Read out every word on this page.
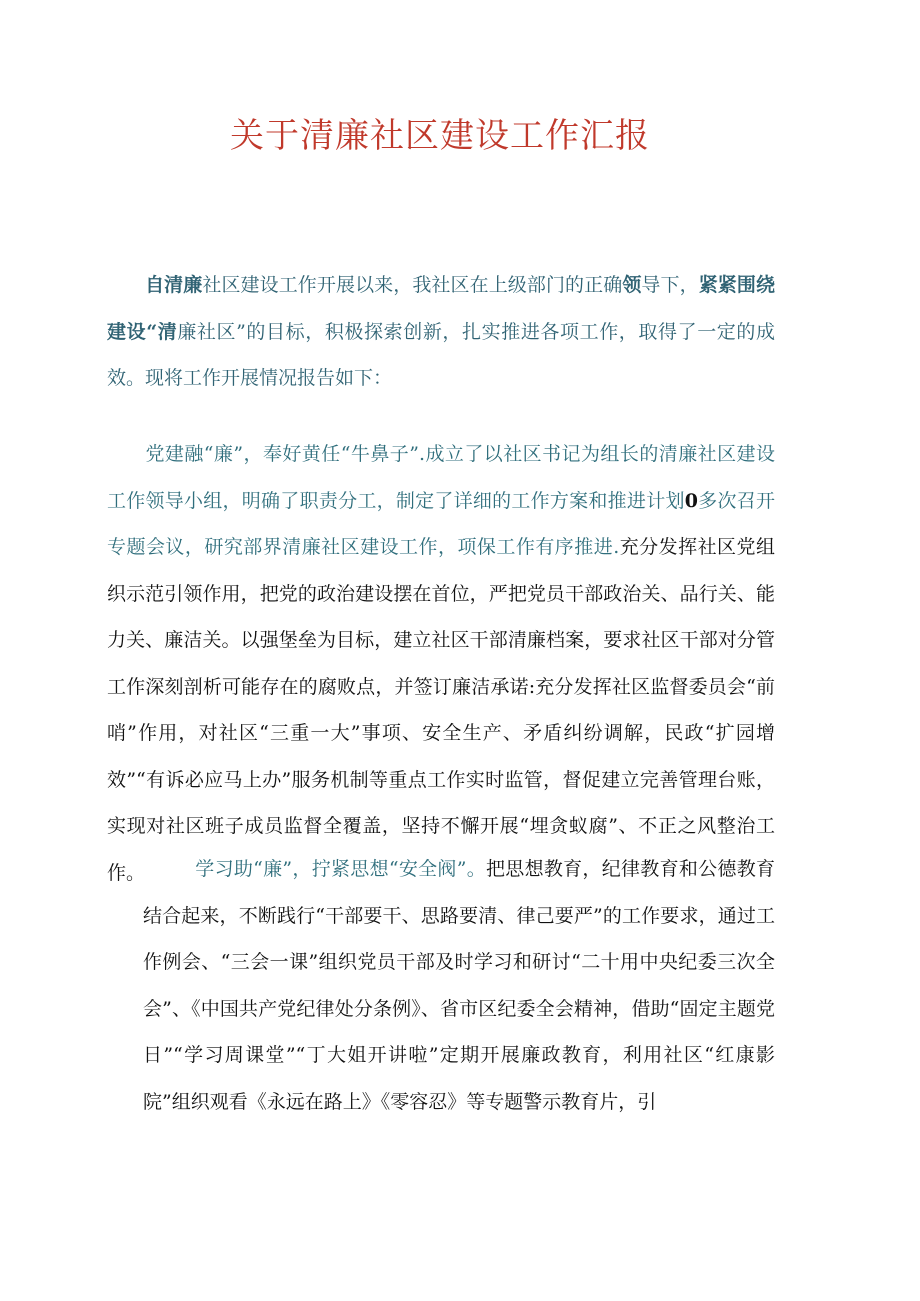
关于清廉社区建设工作汇报

自清廉社区建设工作开展以来，我社区在上级部门的正确领导下，紧紧围绕建设“清廉社区”的目标，积极探索创新，扎实推进各项工作，取得了一定的成效。现将工作开展情况报告如下：

党建融“廉”，奉好黄任“牛鼻子”.成立了以社区书记为组长的清廉社区建设工作领导小组，明确了职责分工，制定了详细的工作方案和推进计划0多次召开专题会议，研究部界清廉社区建设工作，项保工作有序推进.充分发挥社区党组织示范引领作用，把党的政治建设摆在首位，严把党员干部政治关、品行关、能力关、廉洁关。以强堡垒为目标，建立社区干部清廉档案，要求社区干部对分管工作深刻剖析可能存在的腐败点，并签订廉洁承诺:充分发挥社区监督委员会“前哨”作用，对社区“三重一大”事项、安全生产、矛盾纠纷调解，民政“扩园增效”“有诉必应马上办”服务机制等重点工作实时监管，督促建立完善管理台账，实现对社区班子成员监督全覆盖，坚持不懈开展“埋贪蚁腐”、不正之风整治工作。	学习助“廉”，拧紧思想“安全阀”。把思想教育，纪律教育和公德教育结合起来，不断践行“干部要干、思路要清、律己要严”的工作要求，通过工作例会、“三会一课”组织党员干部及时学习和研讨“二十用中央纪委三次全会”、《中国共产党纪律处分条例》、省市区纪委全会精神，借助“固定主题党日”“学习周课堂”“丁大姐开讲啦”定期开展廉政教育，利用社区“红康影院”组织观看《永远在路上》《零容忍》等专题警示教育片，引
